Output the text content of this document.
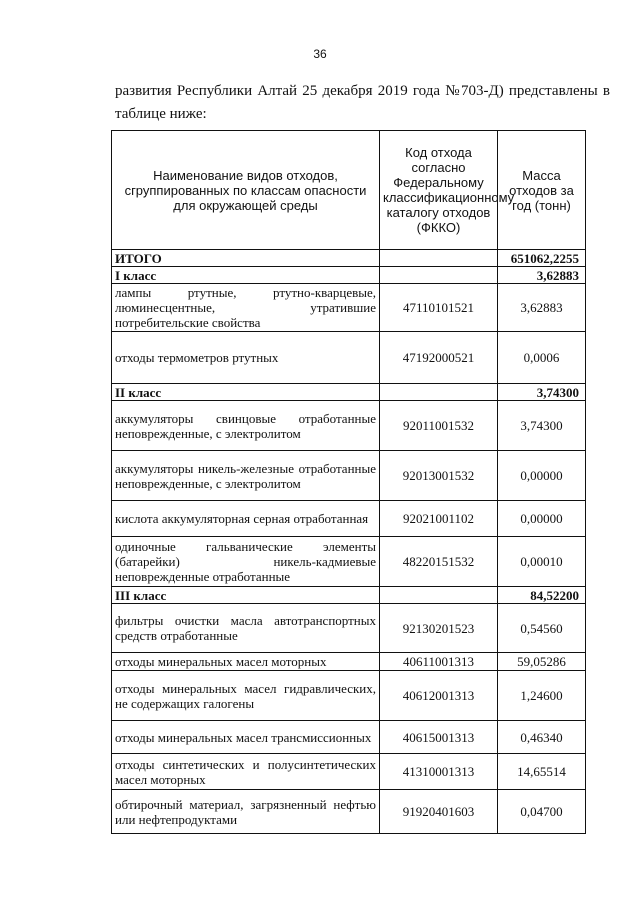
36
развития Республики Алтай 25 декабря 2019 года №703-Д) представлены в
таблице ниже:
Наименование видов отходов, сгруппированных по классам опасности для окружающей среды	Код отхода согласно Федеральному классификационному каталогу отходов (ФККО)	Масса отходов за год (тонн)
ИТОГО		651062,2255
I класс		3,62883
лампы ртутные, ртутно-кварцевые, люминесцентные, утратившие потребительские свойства	47110101521	3,62883
отходы термометров ртутных	47192000521	0,0006
II класс		3,74300
аккумуляторы свинцовые отработанные неповрежденные, с электролитом	92011001532	3,74300
аккумуляторы никель-железные отработанные неповрежденные, с электролитом	92013001532	0,00000
кислота аккумуляторная серная отработанная	92021001102	0,00000
одиночные гальванические элементы (батарейки) никель-кадмиевые неповрежденные отработанные	48220151532	0,00010
III класс		84,52200
фильтры очистки масла автотранспортных средств отработанные	92130201523	0,54560
отходы минеральных масел моторных	40611001313	59,05286
отходы минеральных масел гидравлических, не содержащих галогены	40612001313	1,24600
отходы минеральных масел трансмиссионных	40615001313	0,46340
отходы синтетических и полусинтетических масел моторных	41310001313	14,65514
обтирочный материал, загрязненный нефтью или нефтепродуктами	91920401603	0,04700
